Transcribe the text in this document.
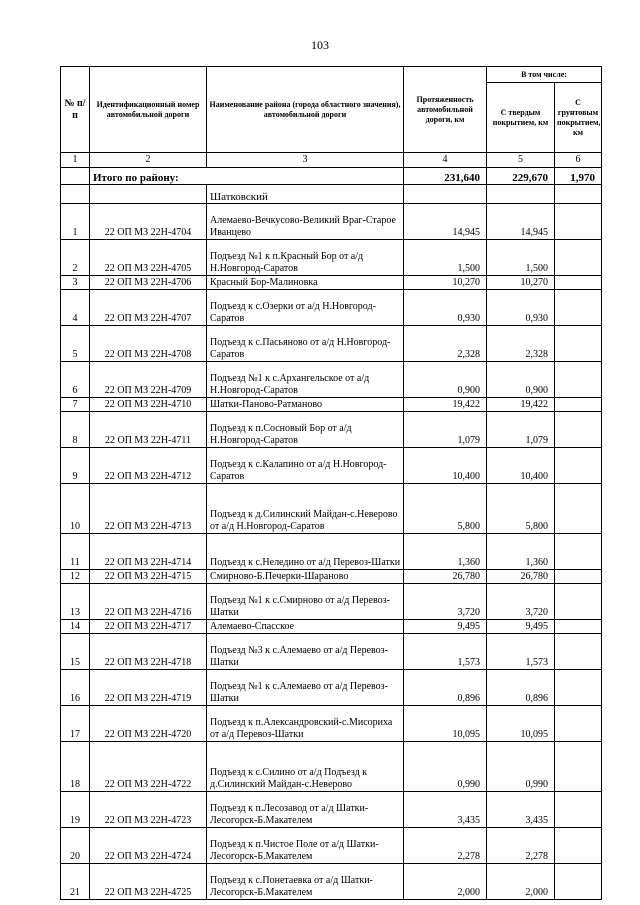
103
№ п/п	Идентификационный номер автомобильной дороги	Наименование района (города областного значения), автомобильной дороги	Протяженность автомобильной дороги, км	В том числе:	
				С твердым покрытием, км	С грунтовым покрытием, км
1	2	3	4	5	6
	Итого по району:		231,640	229,670	1,970
		Шатковский			
1	22 ОП МЗ 22Н-4704	Алемаево-Вечкусово-Великий Враг-Старое Иванцево	14,945	14,945	
2	22 ОП МЗ 22Н-4705	Подъезд №1 к п.Красный Бор от а/д Н.Новгород-Саратов	1,500	1,500	
3	22 ОП МЗ 22Н-4706	Красный Бор-Малиновка	10,270	10,270	
4	22 ОП МЗ 22Н-4707	Подъезд к с.Озерки от а/д Н.Новгород-Саратов	0,930	0,930	
5	22 ОП МЗ 22Н-4708	Подъезд к с.Пасьяново от а/д Н.Новгород-Саратов	2,328	2,328	
6	22 ОП МЗ 22Н-4709	Подъезд №1 к с.Архангельское от а/д Н.Новгород-Саратов	0,900	0,900	
7	22 ОП МЗ 22Н-4710	Шатки-Паново-Ратманово	19,422	19,422	
8	22 ОП МЗ 22Н-4711	Подъезд к п.Сосновый Бор от а/д Н.Новгород-Саратов	1,079	1,079	
9	22 ОП МЗ 22Н-4712	Подъезд к с.Калапино от а/д Н.Новгород-Саратов	10,400	10,400	
10	22 ОП МЗ 22Н-4713	Подъезд к д.Силинский Майдан-с.Неверово от а/д Н.Новгород-Саратов	5,800	5,800	
11	22 ОП МЗ 22Н-4714	Подъезд к с.Неледино от а/д Перевоз-Шатки	1,360	1,360	
12	22 ОП МЗ 22Н-4715	Смирново-Б.Печерки-Шараново	26,780	26,780	
13	22 ОП МЗ 22Н-4716	Подъезд №1 к с.Смирново от а/д Перевоз-Шатки	3,720	3,720	
14	22 ОП МЗ 22Н-4717	Алемаево-Спасское	9,495	9,495	
15	22 ОП МЗ 22Н-4718	Подъезд №3 к с.Алемаево от а/д Перевоз-Шатки	1,573	1,573	
16	22 ОП МЗ 22Н-4719	Подъезд №1 к с.Алемаево от а/д Перевоз-Шатки	0,896	0,896	
17	22 ОП МЗ 22Н-4720	Подъезд к п.Александровский-с.Мисориха от а/д Перевоз-Шатки	10,095	10,095	
18	22 ОП МЗ 22Н-4722	Подъезд к с.Силино от а/д Подъезд к д.Силинский Майдан-с.Неверово	0,990	0,990	
19	22 ОП МЗ 22Н-4723	Подъезд к п.Лесозавод от а/д Шатки-Лесогорск-Б.Макателем	3,435	3,435	
20	22 ОП МЗ 22Н-4724	Подъезд к п.Чистое Поле от а/д Шатки-Лесогорск-Б.Макателем	2,278	2,278	
21	22 ОП МЗ 22Н-4725	Подъезд к с.Понетаевка от а/д Шатки-Лесогорск-Б.Макателем	2,000	2,000	
